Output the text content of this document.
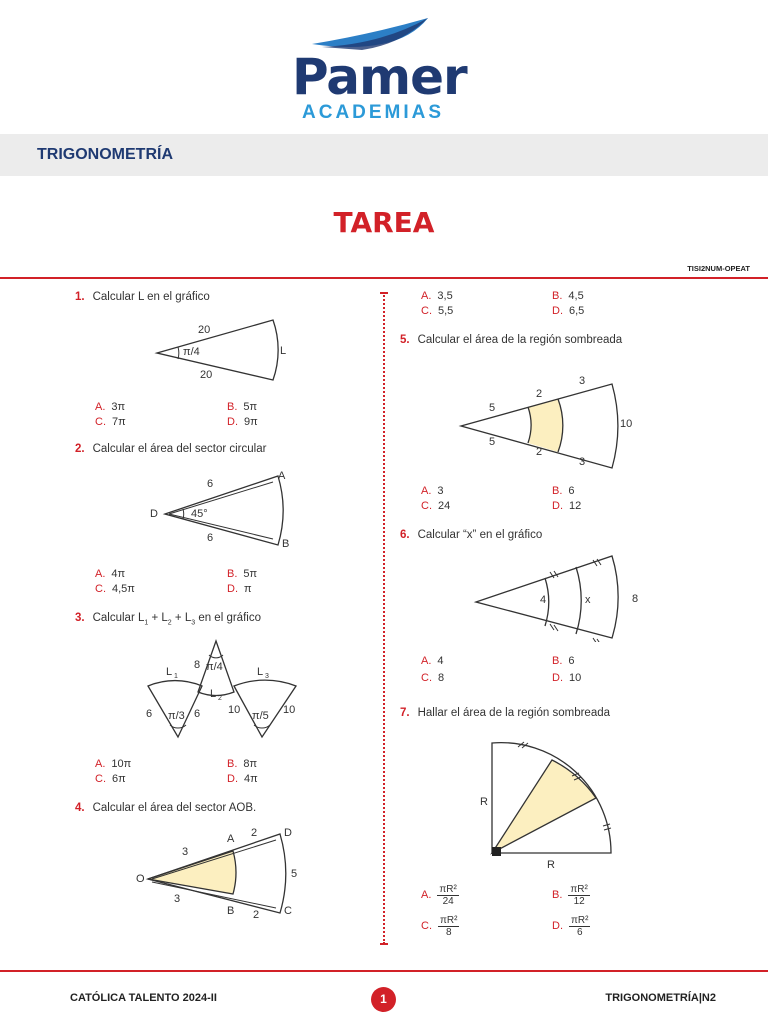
Pamer
ACADEMIAS
TRIGONOMETRÍA
TAREA
TISI2NUM-OPEAT
1. Calcular L en el gráfico
20
20
π/4	L
A. 3π	B. 5π
C. 7π	D. 9π
2. Calcular el área del sector circular
6
6
45°
D
A
B
A. 4π	B. 5π
C. 4,5π	D. π
3. Calcular $L_1 + L_2 + L_3$ en el gráfico
L 1
L 2
L 3
8 π/4
6 π/3 6	10 π/5 10
A. 10π	B. 8π
C. 6π	D. 4π
4. Calcular el área del sector AOB.
O
A
B	C
D
3
3
2
2
5
A. 3,5	B. 4,5
C. 5,5	D. 6,5
5. Calcular el área de la región sombreada
5
5
2
2
3
3
10
A. 3	B. 6
C. 24	D. 12
6. Calcular “x” en el gráfico
4	x	8
A. 4	B. 6
C. 8	D. 10
7. Hallar el área de la región sombreada
R
R
A. $\frac{\text{πR²}}{24}$	B. $\frac{\text{πR²}}{12}$
C. $\frac{\text{πR²}}{8}$	D. $\frac{\text{πR²}}{6}$
CATÓLICA TALENTO 2024-II	1	TRIGONOMETRÍA|N2
